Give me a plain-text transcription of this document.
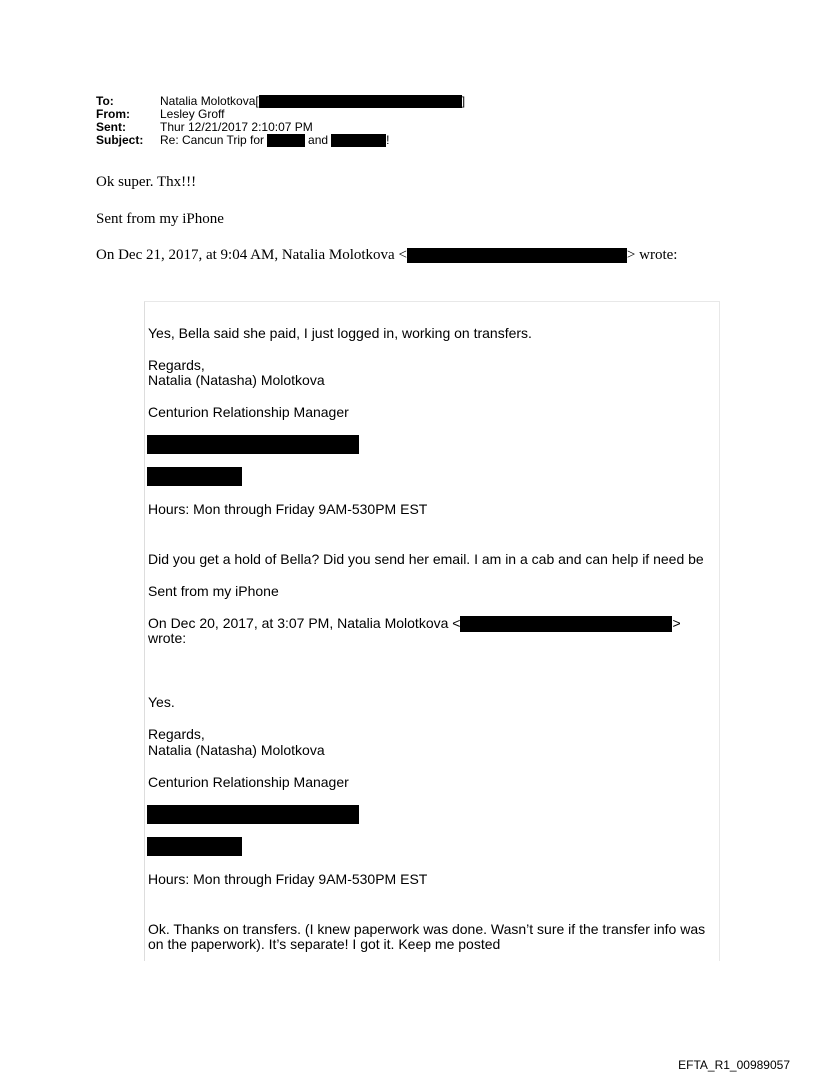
To:	Natalia Molotkova[	]
From:	Lesley Groff
Sent:	Thur 12/21/2017 2:10:07 PM
Subject:	Re: Cancun Trip for	and	!
Ok super. Thx!!!
Sent from my iPhone
On Dec 21, 2017, at 9:04 AM, Natalia Molotkova <	> wrote:
Yes, Bella said she paid, I just logged in, working on transfers.
Regards,
Natalia (Natasha) Molotkova
Centurion Relationship Manager
Hours: Mon through Friday 9AM-530PM EST
Did you get a hold of Bella? Did you send her email. I am in a cab and can help if need be
Sent from my iPhone
On Dec 20, 2017, at 3:07 PM, Natalia Molotkova <	>
wrote:
Yes.
Regards,
Natalia (Natasha) Molotkova
Centurion Relationship Manager
Hours: Mon through Friday 9AM-530PM EST
Ok. Thanks on transfers. (I knew paperwork was done. Wasn’t sure if the transfer info was on the paperwork). It’s separate! I got it. Keep me posted
EFTA_R1_00989057
